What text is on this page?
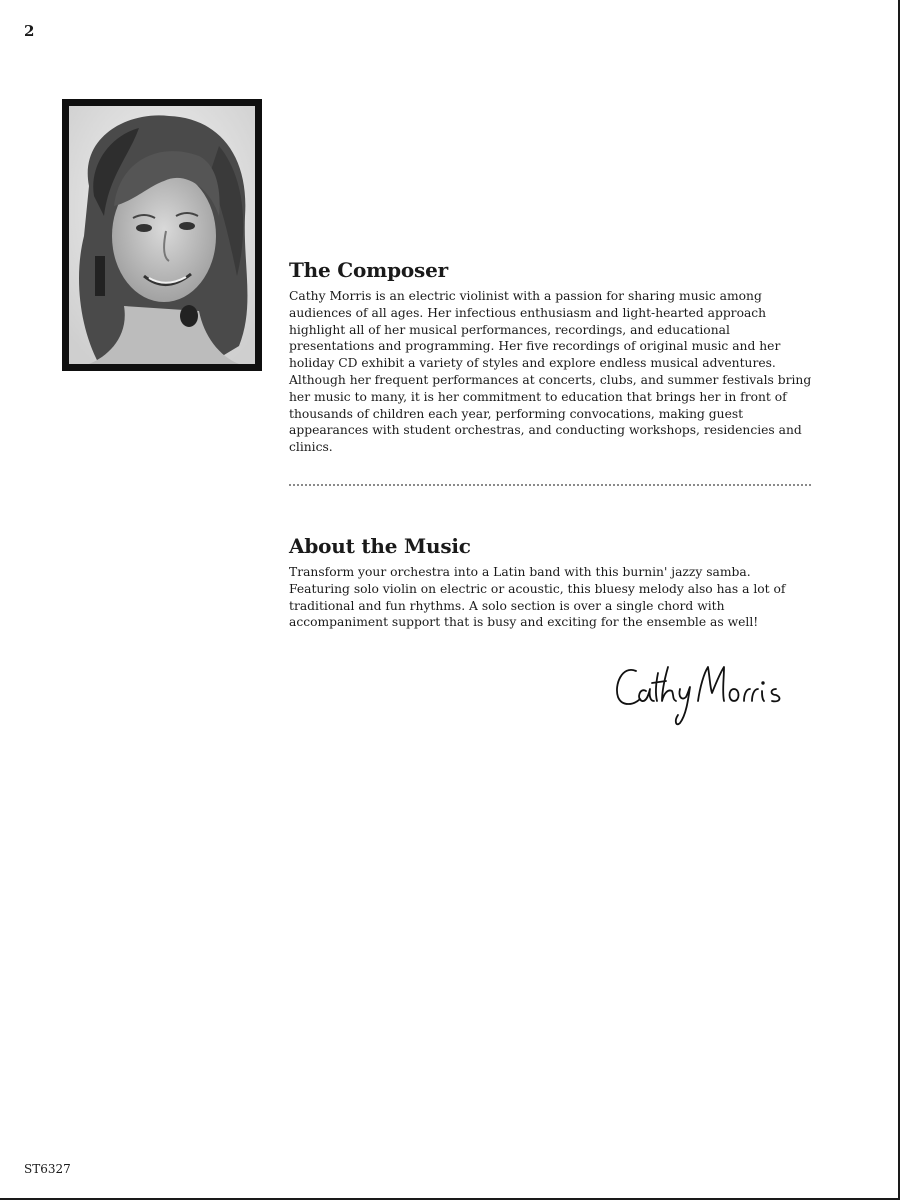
2
The Composer

Cathy Morris is an electric violinist with a passion for sharing music among audiences of all ages. Her infectious enthusiasm and light-hearted approach highlight all of her musical performances, recordings, and educational presentations and programming. Her five recordings of original music and her holiday CD exhibit a variety of styles and explore endless musical adventures. Although her frequent performances at concerts, clubs, and summer festivals bring her music to many, it is her commitment to education that brings her in front of thousands of children each year, performing convocations, making guest appearances with student orchestras, and conducting workshops, residencies and clinics.

About the Music

Transform your orchestra into a Latin band with this burnin' jazzy samba. Featuring solo violin on electric or acoustic, this bluesy melody also has a lot of traditional and fun rhythms. A solo section is over a single chord with accompaniment support that is busy and exciting for the ensemble as well!

ST6327
